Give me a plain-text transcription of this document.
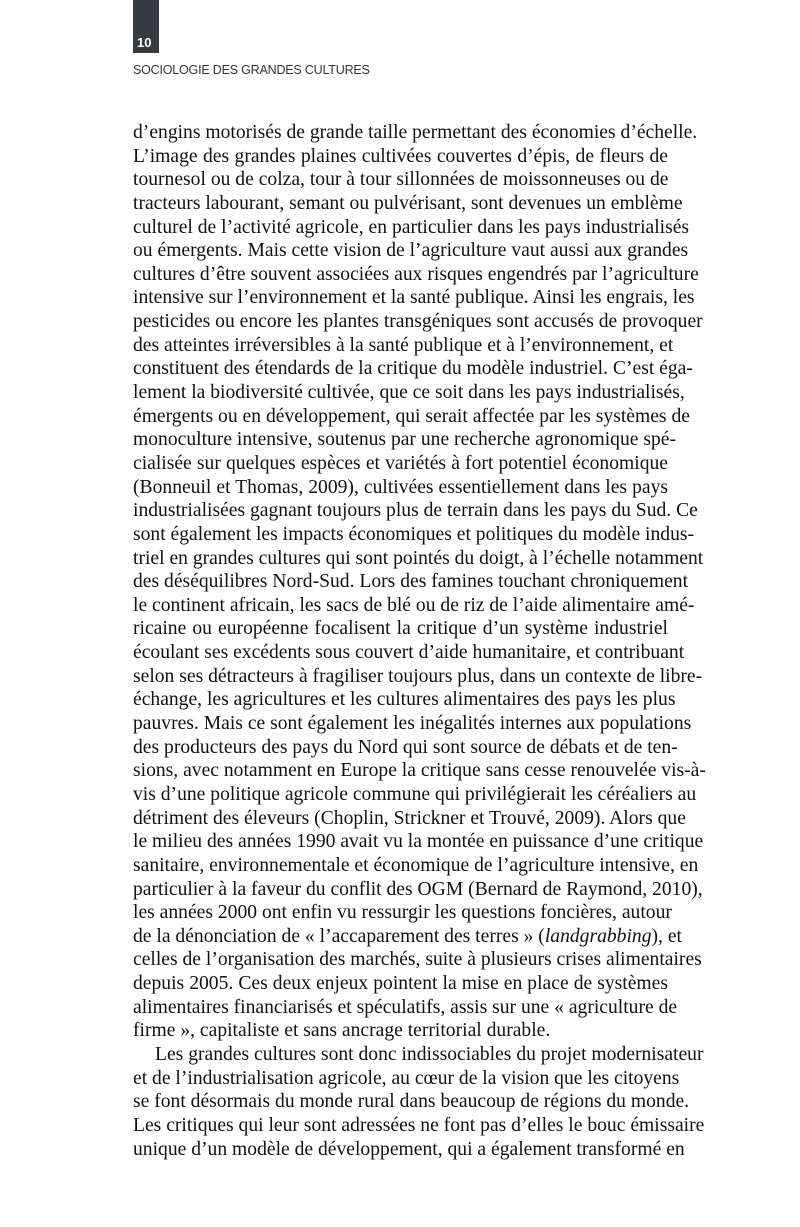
10
SOCIOLOGIE DES GRANDES CULTURES
d’engins motorisés de grande taille permettant des économies d’échelle.
L’image des grandes plaines cultivées couvertes d’épis, de fleurs de
tournesol ou de colza, tour à tour sillonnées de moissonneuses ou de
tracteurs labourant, semant ou pulvérisant, sont devenues un emblème
culturel de l’activité agricole, en particulier dans les pays industrialisés
ou émergents. Mais cette vision de l’agriculture vaut aussi aux grandes
cultures d’être souvent associées aux risques engendrés par l’agriculture
intensive sur l’environnement et la santé publique. Ainsi les engrais, les
pesticides ou encore les plantes transgéniques sont accusés de provoquer
des atteintes irréversibles à la santé publique et à l’environnement, et
constituent des étendards de la critique du modèle industriel. C’est éga-
lement la biodiversité cultivée, que ce soit dans les pays industrialisés,
émergents ou en développement, qui serait affectée par les systèmes de
monoculture intensive, soutenus par une recherche agronomique spé-
cialisée sur quelques espèces et variétés à fort potentiel économique
(Bonneuil et Thomas, 2009), cultivées essentiellement dans les pays
industrialisées gagnant toujours plus de terrain dans les pays du Sud. Ce
sont également les impacts économiques et politiques du modèle indus-
triel en grandes cultures qui sont pointés du doigt, à l’échelle notamment
des déséquilibres Nord-Sud. Lors des famines touchant chroniquement
le continent africain, les sacs de blé ou de riz de l’aide alimentaire amé-
ricaine ou européenne focalisent la critique d’un système industriel
écoulant ses excédents sous couvert d’aide humanitaire, et contribuant
selon ses détracteurs à fragiliser toujours plus, dans un contexte de libre-
échange, les agricultures et les cultures alimentaires des pays les plus
pauvres. Mais ce sont également les inégalités internes aux populations
des producteurs des pays du Nord qui sont source de débats et de ten-
sions, avec notamment en Europe la critique sans cesse renouvelée vis-à-
vis d’une politique agricole commune qui privilégierait les céréaliers au
détriment des éleveurs (Choplin, Strickner et Trouvé, 2009). Alors que
le milieu des années 1990 avait vu la montée en puissance d’une critique
sanitaire, environnementale et économique de l’agriculture intensive, en
particulier à la faveur du conflit des OGM (Bernard de Raymond, 2010),
les années 2000 ont enfin vu ressurgir les questions foncières, autour
de la dénonciation de « l’accaparement des terres » (landgrabbing), et
celles de l’organisation des marchés, suite à plusieurs crises alimentaires
depuis 2005. Ces deux enjeux pointent la mise en place de systèmes
alimentaires financiarisés et spéculatifs, assis sur une « agriculture de
firme », capitaliste et sans ancrage territorial durable.
Les grandes cultures sont donc indissociables du projet modernisateur
et de l’industrialisation agricole, au cœur de la vision que les citoyens
se font désormais du monde rural dans beaucoup de régions du monde.
Les critiques qui leur sont adressées ne font pas d’elles le bouc émissaire
unique d’un modèle de développement, qui a également transformé en
